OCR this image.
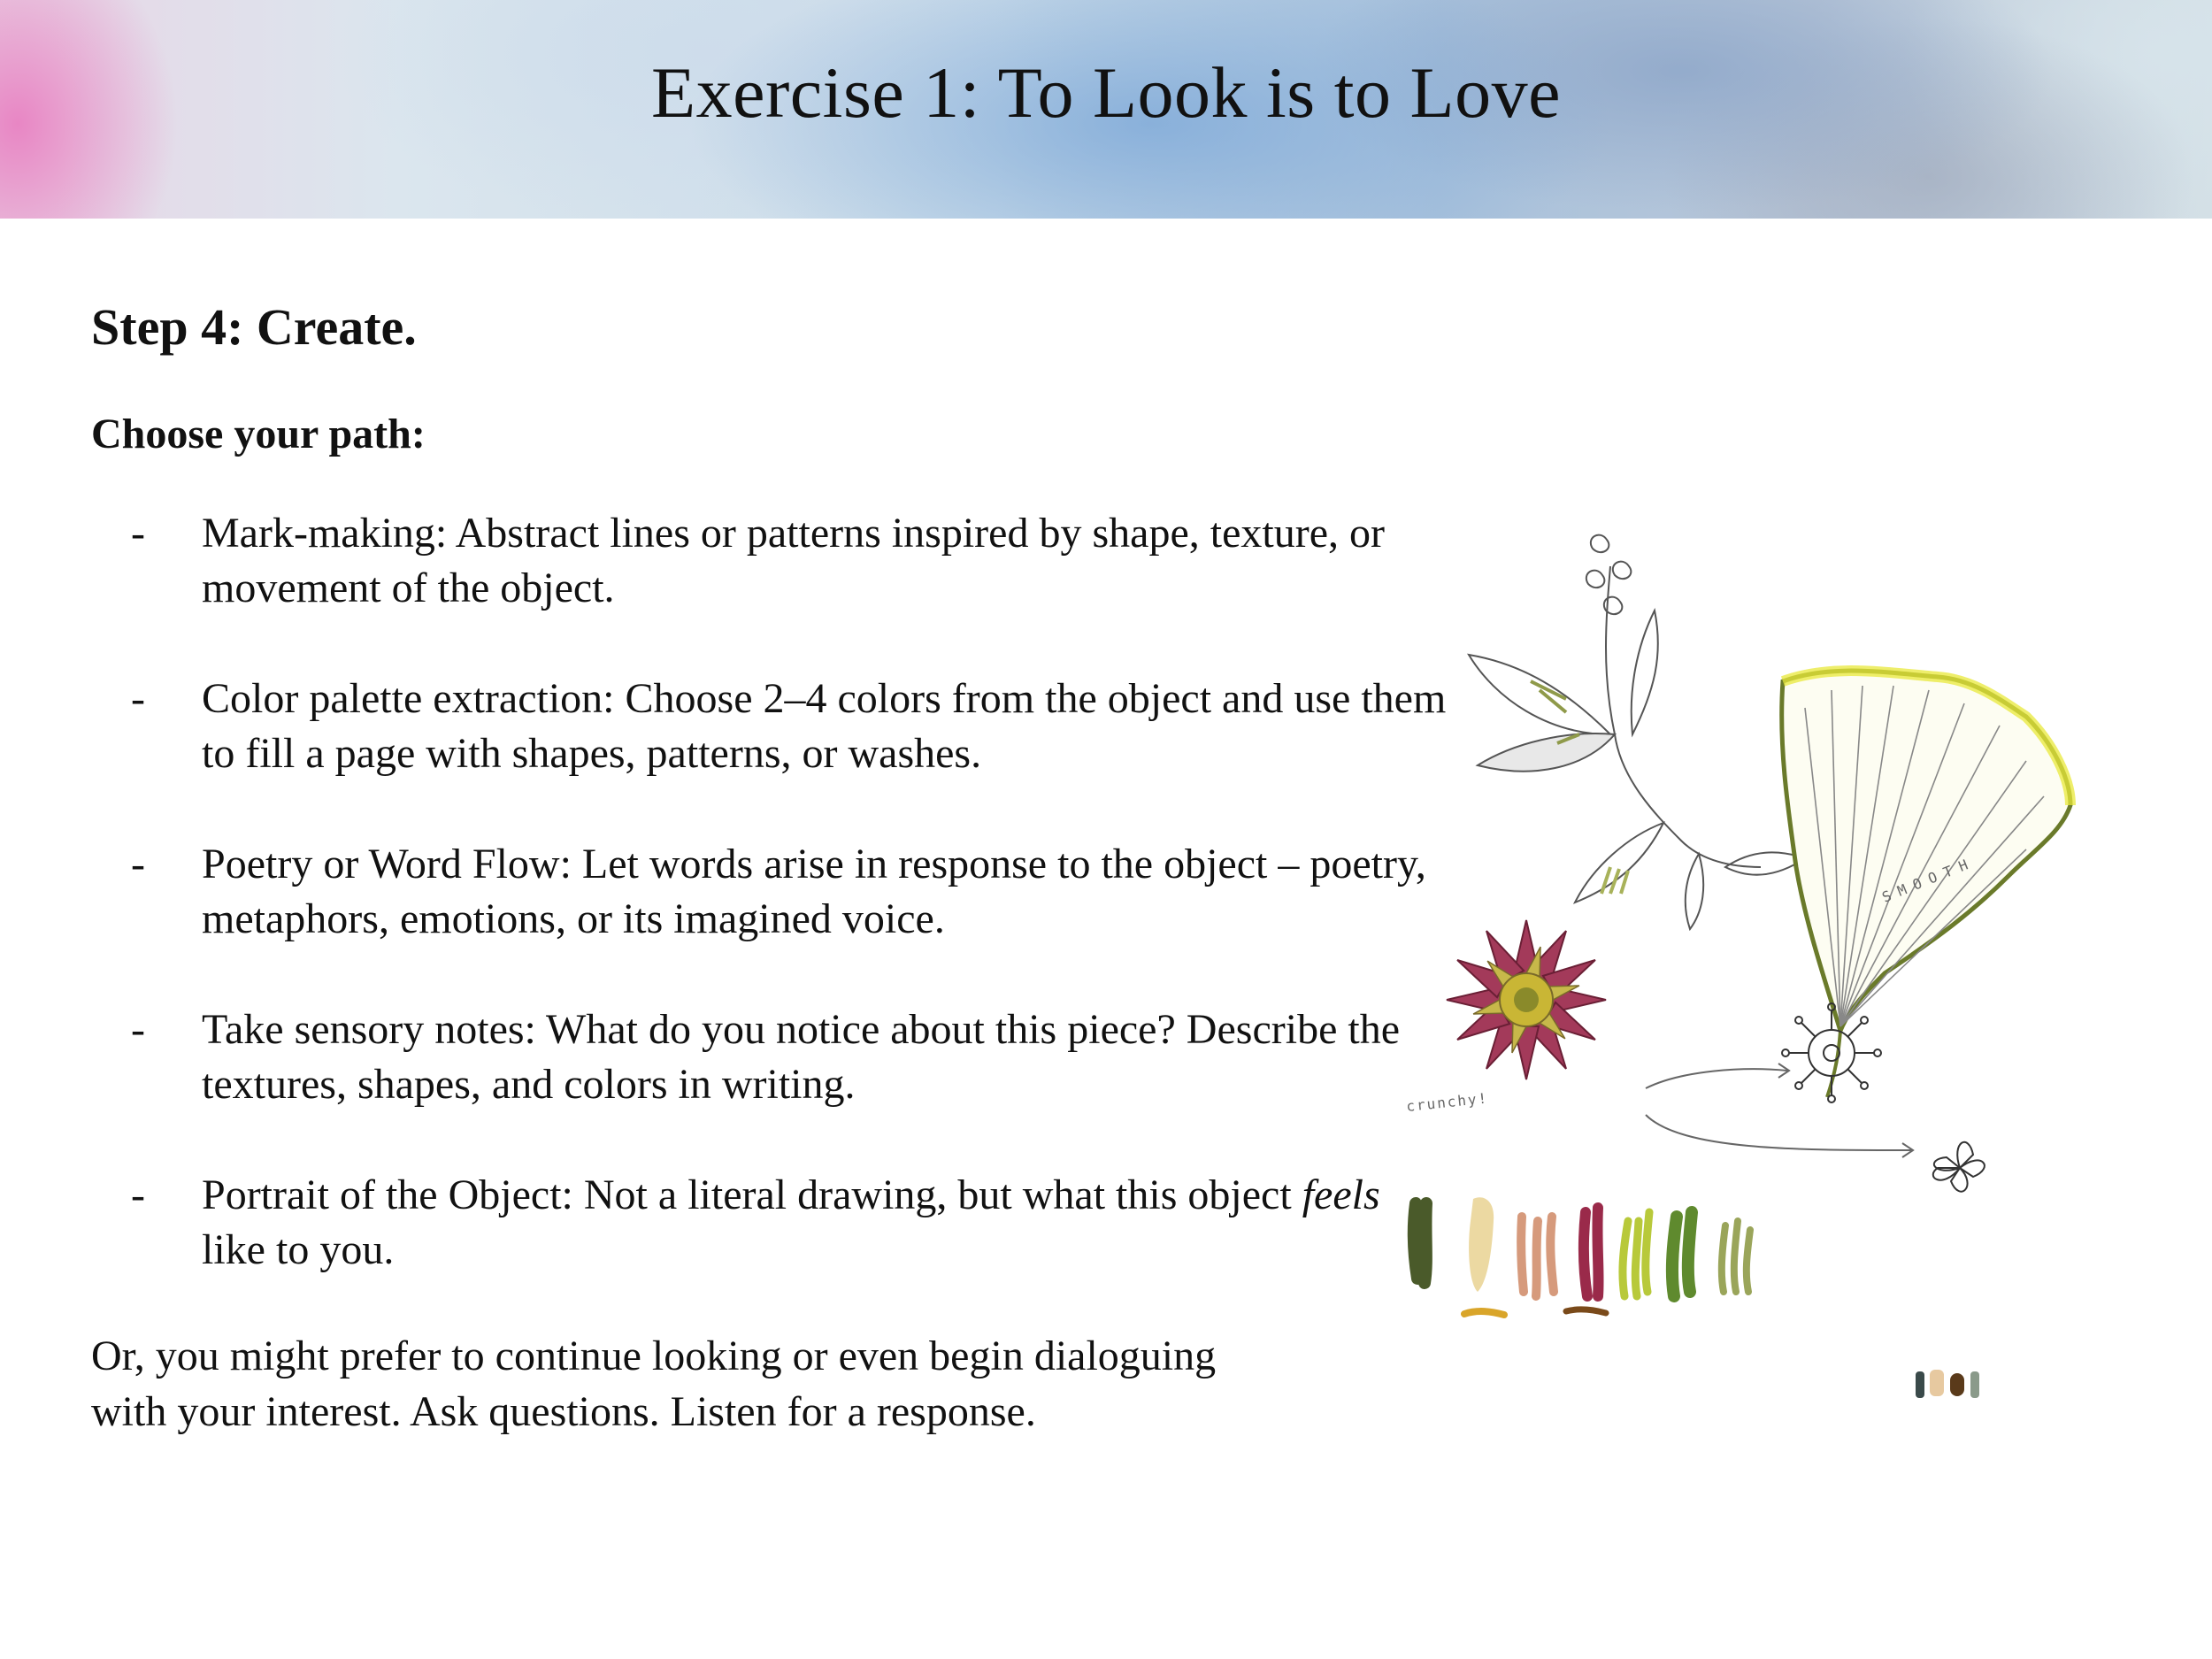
Exercise 1: To Look is to Love
Step 4: Create.
Choose your path:
- Mark-making: Abstract lines or patterns inspired by shape, texture, or movement of the object.
- Color palette extraction: Choose 2–4 colors from the object and use them to fill a page with shapes, patterns, or washes.
- Poetry or Word Flow: Let words arise in response to the object – poetry, metaphors, emotions, or its imagined voice.
- Take sensory notes: What do you notice about this piece? Describe the textures, shapes, and colors in writing.
- Portrait of the Object: Not a literal drawing, but what this object feels like to you.
Or, you might prefer to continue looking or even begin dialoguing with your interest. Ask questions. Listen for a response.
SMOOTH
crunchy!
